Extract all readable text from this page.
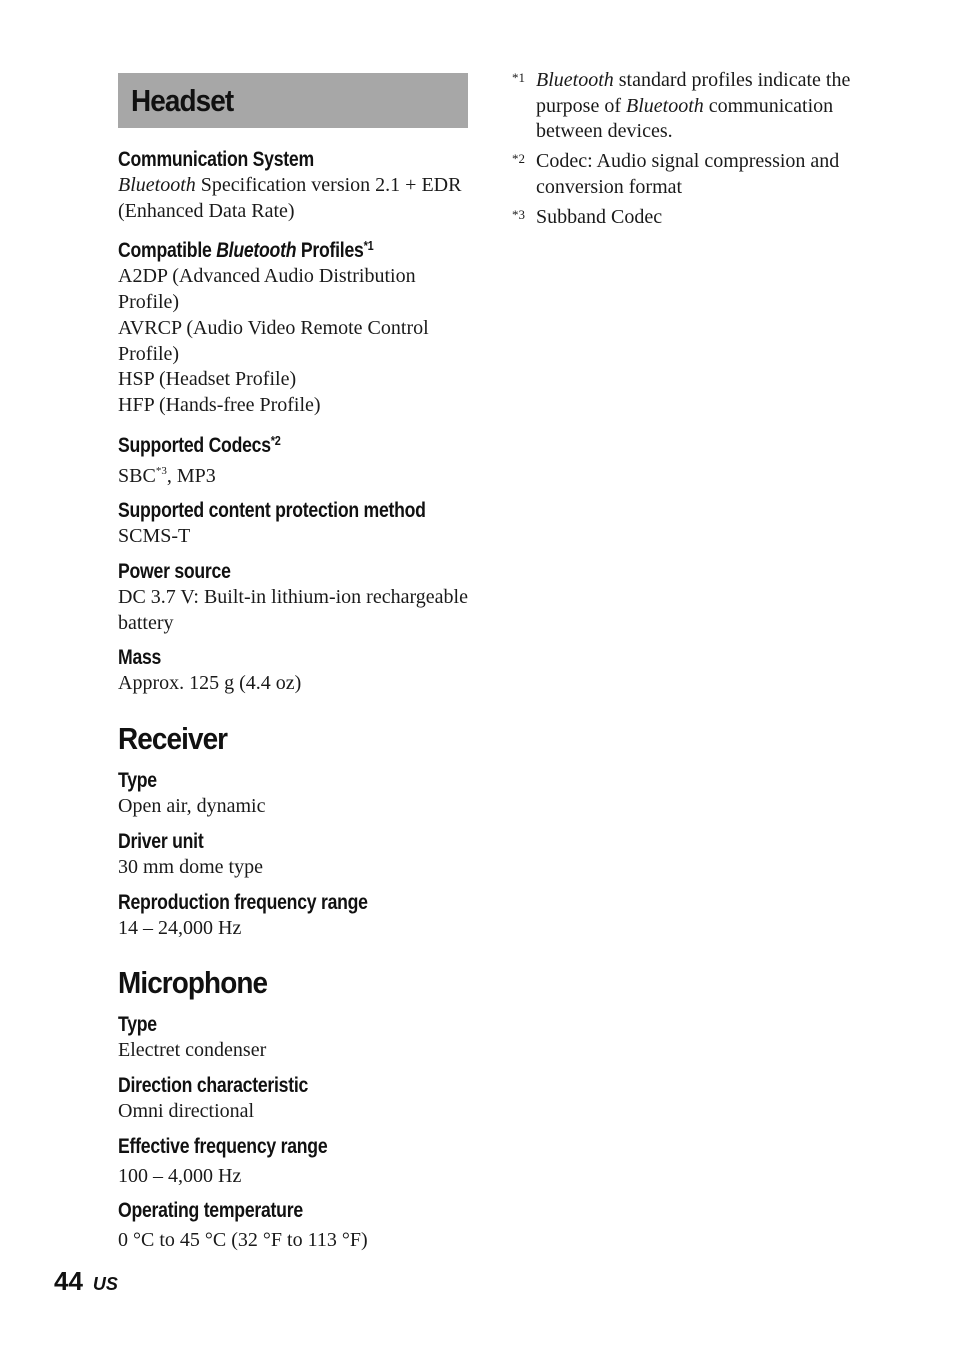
Headset
Communication System
Bluetooth Specification version 2.1 + EDR (Enhanced Data Rate)
Compatible Bluetooth Profiles$^{*1}$
A2DP (Advanced Audio Distribution Profile)
AVRCP (Audio Video Remote Control Profile)
HSP (Headset Profile)
HFP (Hands-free Profile)
Supported Codecs$^{*2}$
SBC$^{*3}$, MP3
Supported content protection method
SCMS-T
Power source
DC 3.7 V: Built-in lithium-ion rechargeable battery
Mass
Approx. 125 g (4.4 oz)
Receiver
Type
Open air, dynamic
Driver unit
30 mm dome type
Reproduction frequency range
14 – 24,000 Hz
Microphone
Type
Electret condenser
Direction characteristic
Omni directional
Effective frequency range
100 – 4,000 Hz
Operating temperature
0 °C to 45 °C (32 °F to 113 °F)
*1 Bluetooth standard profiles indicate the purpose of Bluetooth communication between devices.
*2 Codec: Audio signal compression and conversion format
*3 Subband Codec
44 US
